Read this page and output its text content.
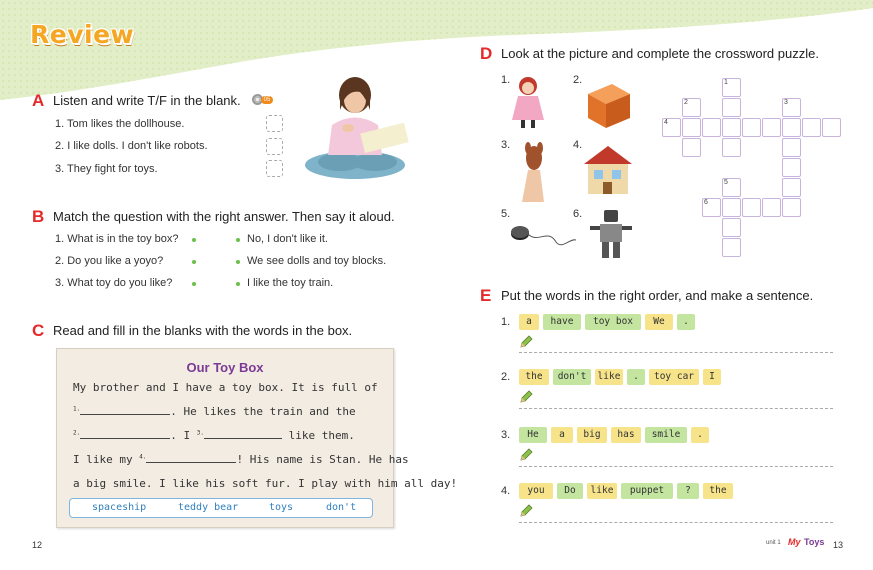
Review
A Listen and write T/F in the blank.	05
1. Tom likes the dollhouse.
2. I like dolls. I don't like robots.
3. They fight for toys.
B Match the question with the right answer. Then say it aloud.
1. What is in the toy box?
2. Do you like a yoyo?
3. What toy do you like?
No, I don't like it.
We see dolls and toy blocks.
I like the toy train.
C Read and fill in the blanks with the words in the box.
Our Toy Box
My brother and I have a toy box. It is full of
$^{1.}$	. He likes the train and the
$^{2.}$	. I $^{3.}$	like them.
I like my $^{4.}$	! His name is Stan. He has
a big smile. I like his soft fur. I play with him all day!
spaceship	teddy bear	toys	don't
12
D Look at the picture and complete the crossword puzzle.
1.	2.
3.	4.
5.	6.
1
2	3
4
5
6
E Put the words in the right order, and make a sentence.
1.	a	have	toy box	We	.
2.	the	don't	like	.	toy car	I
3.	He	a	big	has	smile	.
4.	you	Do	like	puppet	?	the
unit 1 My Toys 13
